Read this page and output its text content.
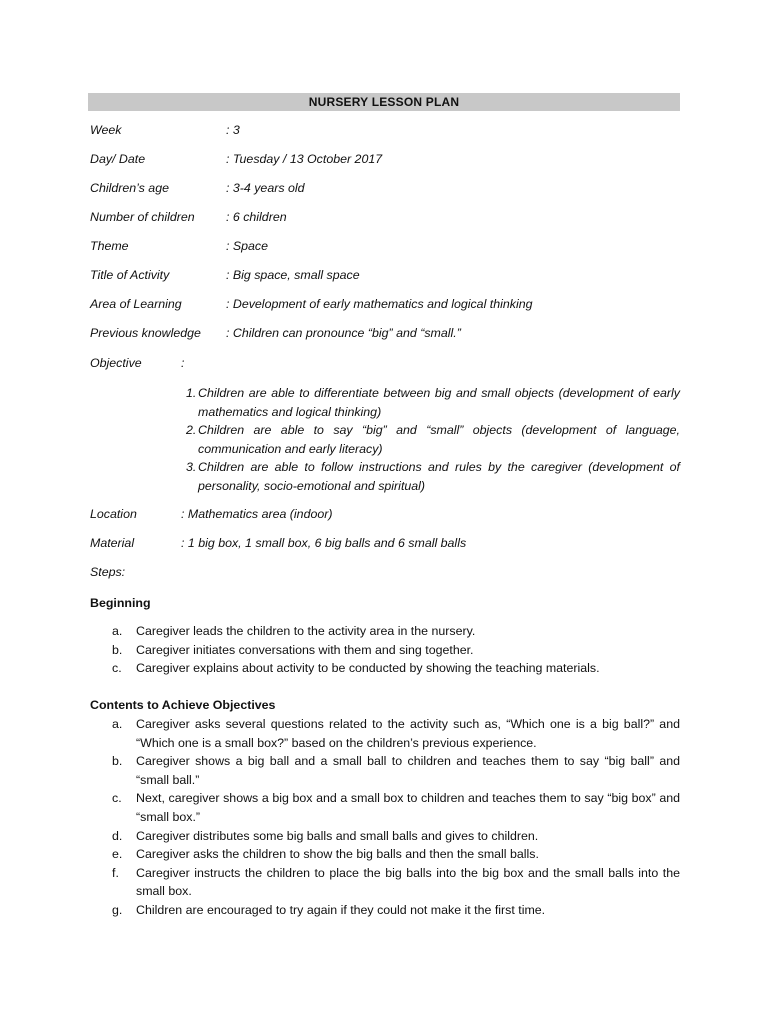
NURSERY LESSON PLAN
Week	: 3
Day/ Date	: Tuesday / 13 October 2017
Children’s age	: 3-4 years old
Number of children	: 6 children
Theme	: Space
Title of Activity	: Big space, small space
Area of Learning	: Development of early mathematics and logical thinking
Previous knowledge : Children can pronounce “big” and “small.”
Objective	:
1. Children are able to differentiate between big and small objects (development of early mathematics and logical thinking)
2. Children are able to say “big” and “small” objects (development of language, communication and early literacy)
3. Children are able to follow instructions and rules by the caregiver (development of personality, socio-emotional and spiritual)
Location	: Mathematics area (indoor)
Material	: 1 big box, 1 small box, 6 big balls and 6 small balls
Steps:
Beginning
a. Caregiver leads the children to the activity area in the nursery.
b. Caregiver initiates conversations with them and sing together.
c. Caregiver explains about activity to be conducted by showing the teaching materials.
Contents to Achieve Objectives
a. Caregiver asks several questions related to the activity such as, “Which one is a big ball?” and “Which one is a small box?” based on the children’s previous experience.
b. Caregiver shows a big ball and a small ball to children and teaches them to say “big ball” and “small ball.”
c. Next, caregiver shows a big box and a small box to children and teaches them to say “big box” and “small box.”
d. Caregiver distributes some big balls and small balls and gives to children.
e. Caregiver asks the children to show the big balls and then the small balls.
f. Caregiver instructs the children to place the big balls into the big box and the small balls into the small box.
g. Children are encouraged to try again if they could not make it the first time.
